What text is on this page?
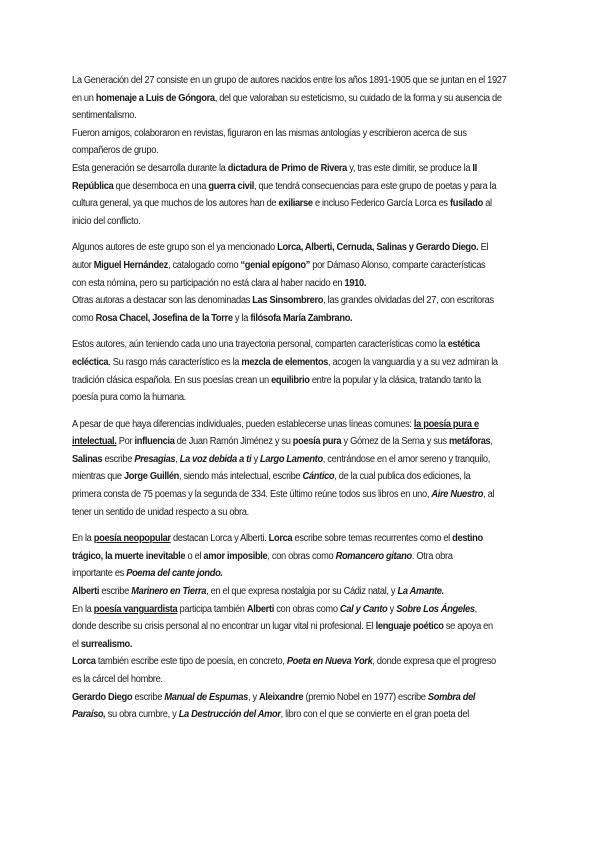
La Generación del 27 consiste en un grupo de autores nacidos entre los años 1891-1905 que se juntan en el 1927
en un homenaje a Luis de Góngora, del que valoraban su esteticismo, su cuidado de la forma y su ausencia de
sentimentalismo.
Fueron amigos, colaboraron en revistas, figuraron en las mismas antologías y escribieron acerca de sus
compañeros de grupo.
Esta generación se desarrolla durante la dictadura de Primo de Rivera y, tras este dimitir, se produce la II
República que desemboca en una guerra civil, que tendrá consecuencias para este grupo de poetas y para la
cultura general, ya que muchos de los autores han de exiliarse e incluso Federico García Lorca es fusilado al
inicio del conflicto.

Algunos autores de este grupo son el ya mencionado Lorca, Alberti, Cernuda, Salinas y Gerardo Diego. El
autor Miguel Hernández, catalogado como “genial epígono” por Dámaso Alonso, comparte características
con esta nómina, pero su participación no está clara al haber nacido en 1910.
Otras autoras a destacar son las denominadas Las Sinsombrero, las grandes olvidadas del 27, con escritoras
como Rosa Chacel, Josefina de la Torre y la filósofa María Zambrano.

Estos autores, aún teniendo cada uno una trayectoria personal, comparten características como la estética
ecléctica. Su rasgo más característico es la mezcla de elementos, acogen la vanguardia y a su vez admiran la
tradición clásica española. En sus poesías crean un equilibrio entre la popular y la clásica, tratando tanto la
poesía pura como la humana.

A pesar de que haya diferencias individuales, pueden establecerse unas líneas comunes: la poesía pura e
intelectual. Por influencia de Juan Ramón Jiménez y su poesía pura y Gómez de la Serna y sus metáforas,
Salinas escribe Presagias, La voz debida a ti y Largo Lamento, centrándose en el amor sereno y tranquilo,
mientras que Jorge Guillén, siendo más intelectual, escribe Cántico, de la cual publica dos ediciones, la
primera consta de 75 poemas y la segunda de 334. Este último reúne todos sus libros en uno, Aire Nuestro, al
tener un sentido de unidad respecto a su obra.

En la poesía neopopular destacan Lorca y Alberti. Lorca escribe sobre temas recurrentes como el destino
trágico, la muerte inevitable o el amor imposible, con obras como Romancero gitano. Otra obra
importante es Poema del cante jondo.
Alberti escribe Marinero en Tierra, en el que expresa nostalgia por su Cádiz natal, y La Amante.
En la poesía vanguardista participa también Alberti con obras como Cal y Canto y Sobre Los Ángeles,
donde describe su crisis personal al no encontrar un lugar vital ni profesional. El lenguaje poético se apoya en
el surrealismo.
Lorca también escribe este tipo de poesía, en concreto, Poeta en Nueva York, donde expresa que el progreso
es la cárcel del hombre.
Gerardo Diego escribe Manual de Espumas, y Aleixandre (premio Nobel en 1977) escribe Sombra del
Paraíso, su obra cumbre, y La Destrucción del Amor, libro con el que se convierte en el gran poeta del
